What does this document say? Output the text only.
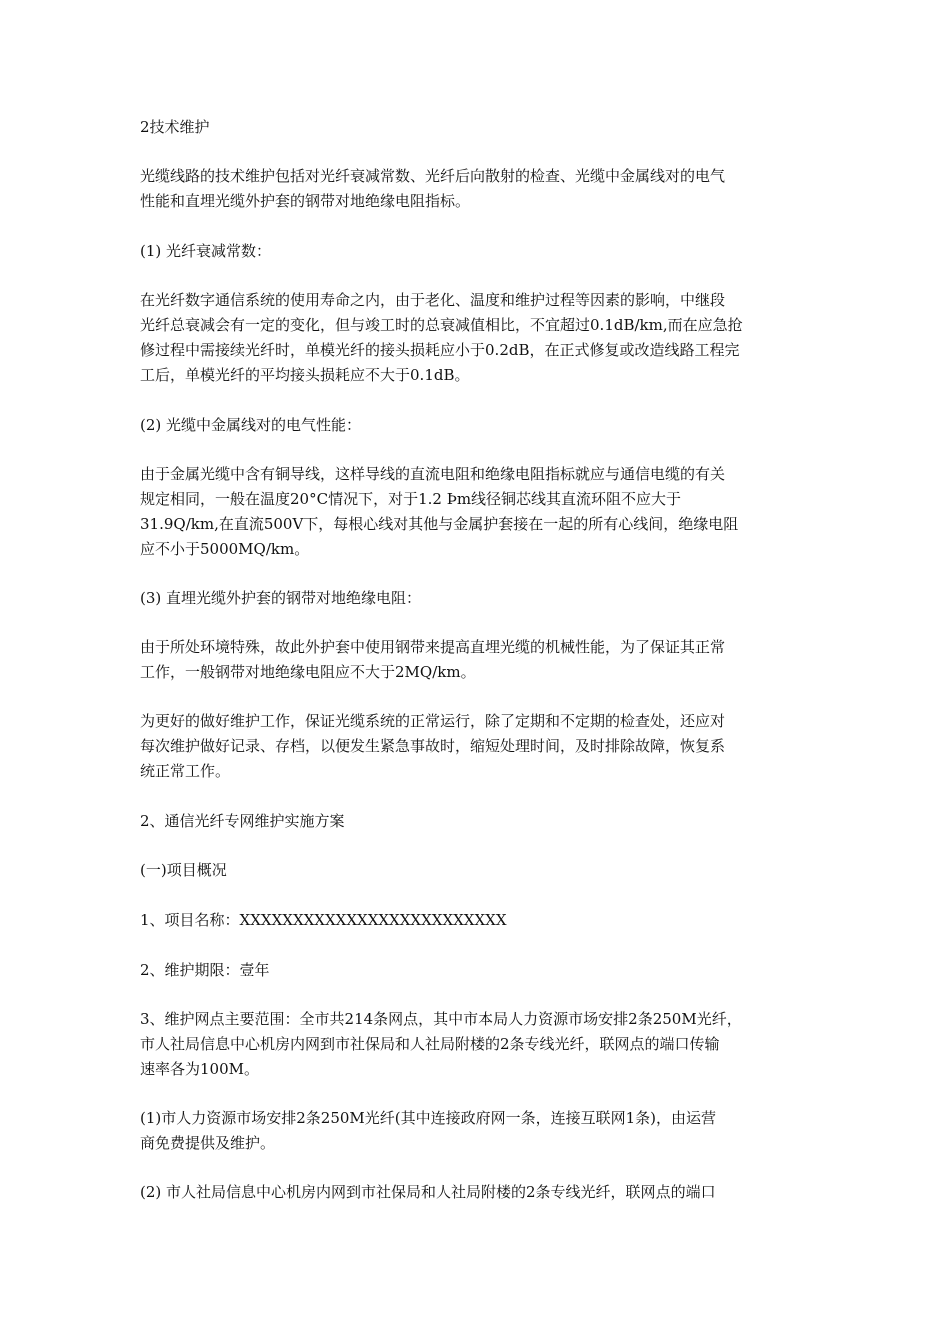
2技术维护
光缆线路的技术维护包括对光纤衰减常数、光纤后向散射的检查、光缆中金属线对的电气
性能和直埋光缆外护套的钢带对地绝缘电阻指标。
(1) 光纤衰减常数：
在光纤数字通信系统的使用寿命之内，由于老化、温度和维护过程等因素的影响，中继段
光纤总衰减会有一定的变化，但与竣工时的总衰减值相比，不宜超过0.1dB/km,而在应急抢
修过程中需接续光纤时，单模光纤的接头损耗应小于0.2dB，在正式修复或改造线路工程完
工后，单模光纤的平均接头损耗应不大于0.1dB。
(2) 光缆中金属线对的电气性能：
由于金属光缆中含有铜导线，这样导线的直流电阻和绝缘电阻指标就应与通信电缆的有关
规定相同，一般在温度20°C情况下，对于1.2 Þm线径铜芯线其直流环阻不应大于
31.9Q/km,在直流500V下，每根心线对其他与金属护套接在一起的所有心线间，绝缘电阻
应不小于5000MQ/km。
(3) 直埋光缆外护套的钢带对地绝缘电阻：
由于所处环境特殊，故此外护套中使用钢带来提高直埋光缆的机械性能，为了保证其正常
工作，一般钢带对地绝缘电阻应不大于2MQ/km。
为更好的做好维护工作，保证光缆系统的正常运行，除了定期和不定期的检查处，还应对
每次维护做好记录、存档，以便发生紧急事故时，缩短处理时间，及时排除故障，恢复系
统正常工作。
2、通信光纤专网维护实施方案
(一)项目概况
1、项目名称：XXXXXXXXXXXXXXXXXXXXXXXXX
2、维护期限：壹年
3、维护网点主要范围：全市共214条网点，其中市本局人力资源市场安排2条250M光纤，
市人社局信息中心机房内网到市社保局和人社局附楼的2条专线光纤，联网点的端口传输
速率各为100M。
(1)市人力资源市场安排2条250M光纤(其中连接政府网一条，连接互联网1条)，由运营
商免费提供及维护。
(2) 市人社局信息中心机房内网到市社保局和人社局附楼的2条专线光纤，联网点的端口
